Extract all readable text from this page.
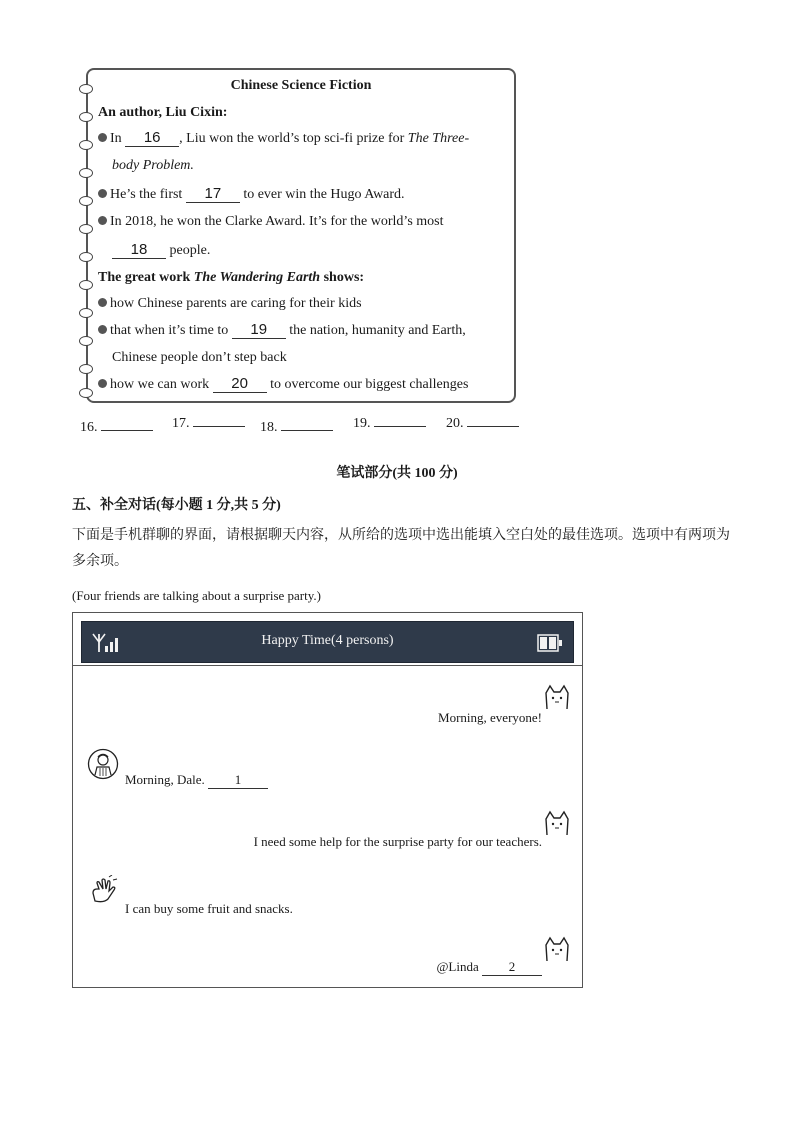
Chinese Science Fiction
An author, Liu Cixin:
In 16 , Liu won the world’s top sci-fi prize for The Three-
body Problem.
He’s the first 17 to ever win the Hugo Award.
In 2018, he won the Clarke Award. It’s for the world’s most
18 people.
The great work The Wandering Earth shows:
how Chinese parents are caring for their kids
that when it’s time to 19 the nation, humanity and Earth,
Chinese people don’t step back
how we can work 20 to overcome our biggest challenges
16.	17.	18.	19.	20.
笔试部分(共 100 分)
五、补全对话(每小题 1 分,共 5 分)
下面是手机群聊的界面，请根据聊天内容，从所给的选项中选出能填入空白处的最佳选项。选项中有两项为多余项。
(Four friends are talking about a surprise party.)
Happy Time(4 persons)
Morning, everyone!
Morning, Dale. 1
I need some help for the surprise party for our teachers.
I can buy some fruit and snacks.
@Linda 2
